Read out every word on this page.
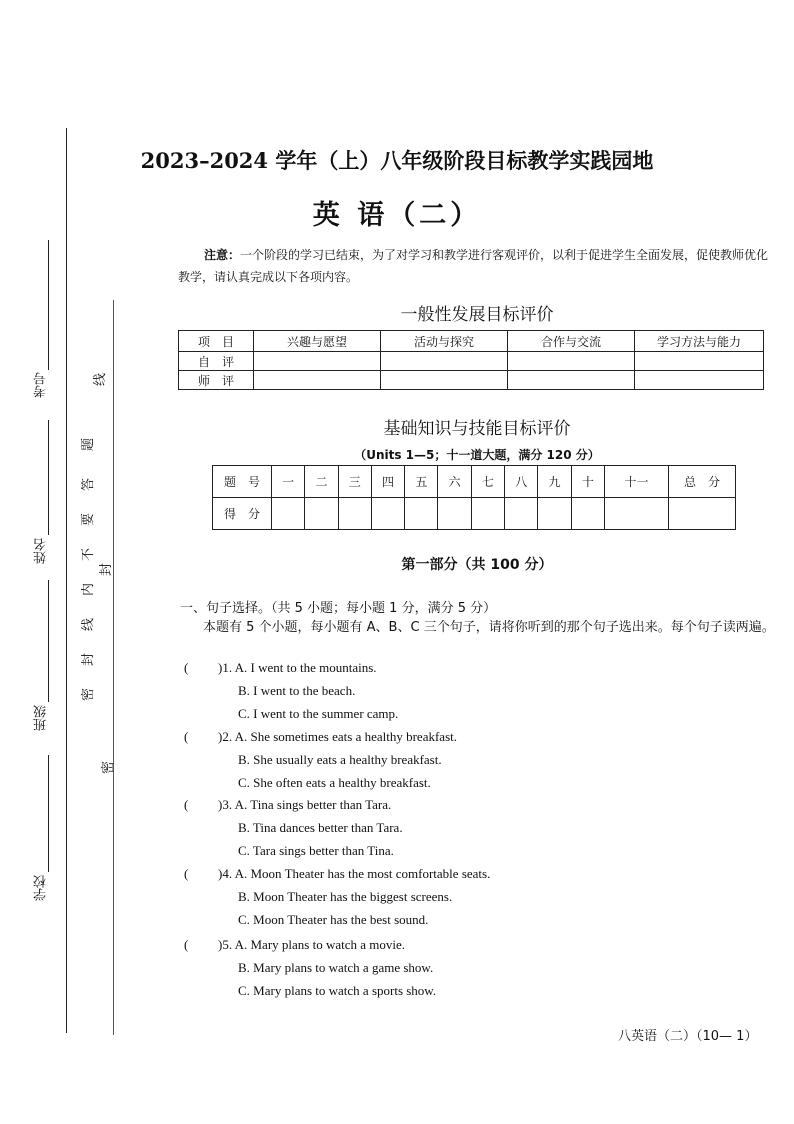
考号
姓名
班级
学校
线
题
答
要
不
内
线
封
密
封
密
2023–2024 学年（上）八年级阶段目标教学实践园地
英 语（二）
注意：一个阶段的学习已结束，为了对学习和教学进行客观评价，以利于促进学生全面发展，促使教师优化教学，请认真完成以下各项内容。
一般性发展目标评价
项　目	兴趣与愿望	活动与探究	合作与交流	学习方法与能力
自　评				
师　评				
基础知识与技能目标评价
（Units 1—5；十一道大题，满分 120 分）
题　号	一	二	三	四	五	六	七	八	九	十	十一	总　分
得　分												
第一部分（共 100 分）
一、句子选择。（共 5 小题；每小题 1 分，满分 5 分）
本题有 5 个小题，每小题有 A、B、C 三个句子，请将你听到的那个句子选出来。每个句子读两遍。
( )1. A. I went to the mountains.
B. I went to the beach.
C. I went to the summer camp.
( )2. A. She sometimes eats a healthy breakfast.
B. She usually eats a healthy breakfast.
C. She often eats a healthy breakfast.
( )3. A. Tina sings better than Tara.
B. Tina dances better than Tara.
C. Tara sings better than Tina.
( )4. A. Moon Theater has the most comfortable seats.
B. Moon Theater has the biggest screens.
C. Moon Theater has the best sound.
( )5. A. Mary plans to watch a movie.
B. Mary plans to watch a game show.
C. Mary plans to watch a sports show.
八英语（二）（10— 1）
